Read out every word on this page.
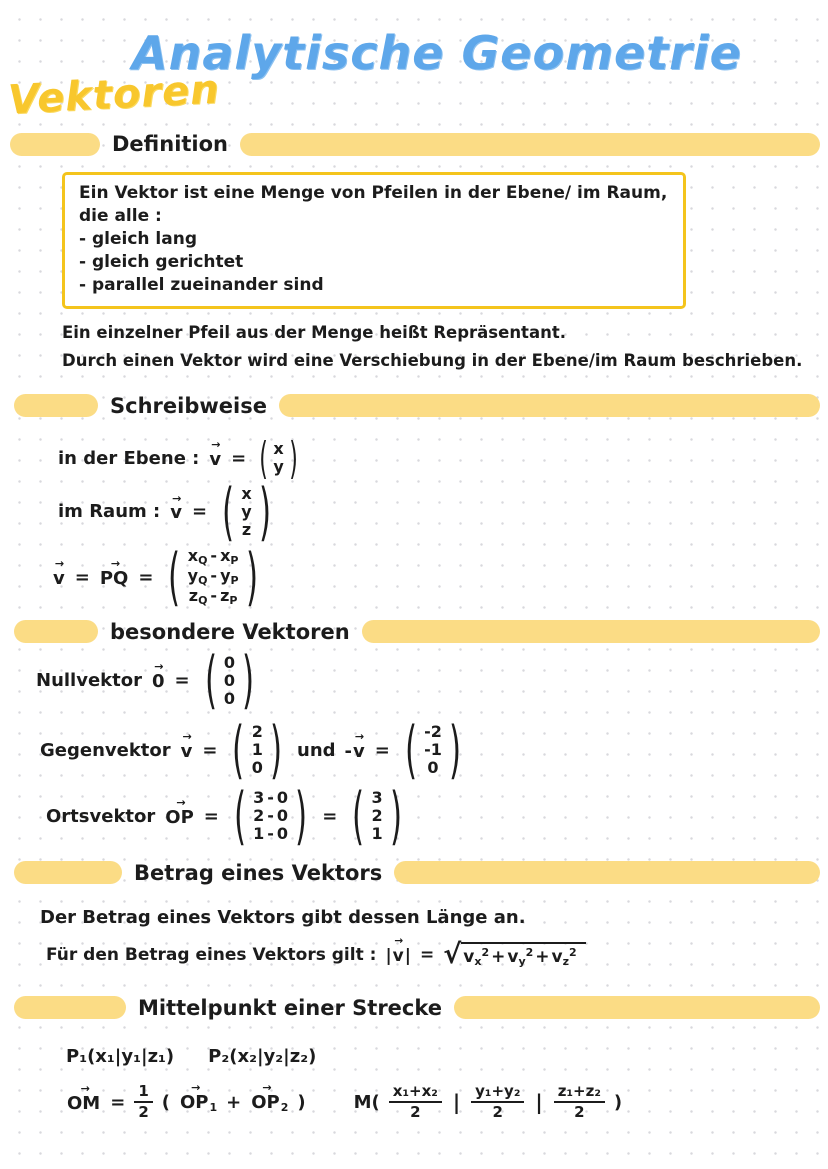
Analytische Geometrie
Vektoren
Definition
Ein Vektor ist eine Menge von Pfeilen in der Ebene/ im Raum, die alle :
- gleich lang
- gleich gerichtet
- parallel zueinander sind

Ein einzelner Pfeil aus der Menge heißt Repräsentant.

Durch einen Vektor wird eine Verschiebung in der Ebene/im Raum beschrieben.

Schreibweise
in der Ebene : v → = ( x
y
)
im Raum : v → =
(
x
y
z
)
v → = PQ → =
(
$x_Q - x_P$
$y_Q - y_P$
$z_Q - z_P$
)
besondere Vektoren
Nullvektor 0 → =
(
0
0
0
)
Gegenvektor v → =
(
2
1
0
)
und -v → =
(
-2
-1
0
)
Ortsvektor OP → =
(
3 - 0
2 - 0
1 - 0
)
=
(
3
2
1
)
Betrag eines Vektors

Der Betrag eines Vektors gibt dessen Länge an.

Für den Betrag eines Vektors gilt : |v →| = √ $v_x^2 + v_y^2 + v_z^2$
Mittelpunkt einer Strecke
P₁(x₁|y₁|z₁) P₂(x₂|y₂|z₂)
OM → = $\frac{1}{2}$ ( OP $\to_1$ + OP $\to_2$ )	$M( \frac{\text{x₁+x₂}}{2}$ | $\frac{\text{y₁+y₂}}{2}$ | $\frac{\text{z₁+z₂}}{2}$ )
